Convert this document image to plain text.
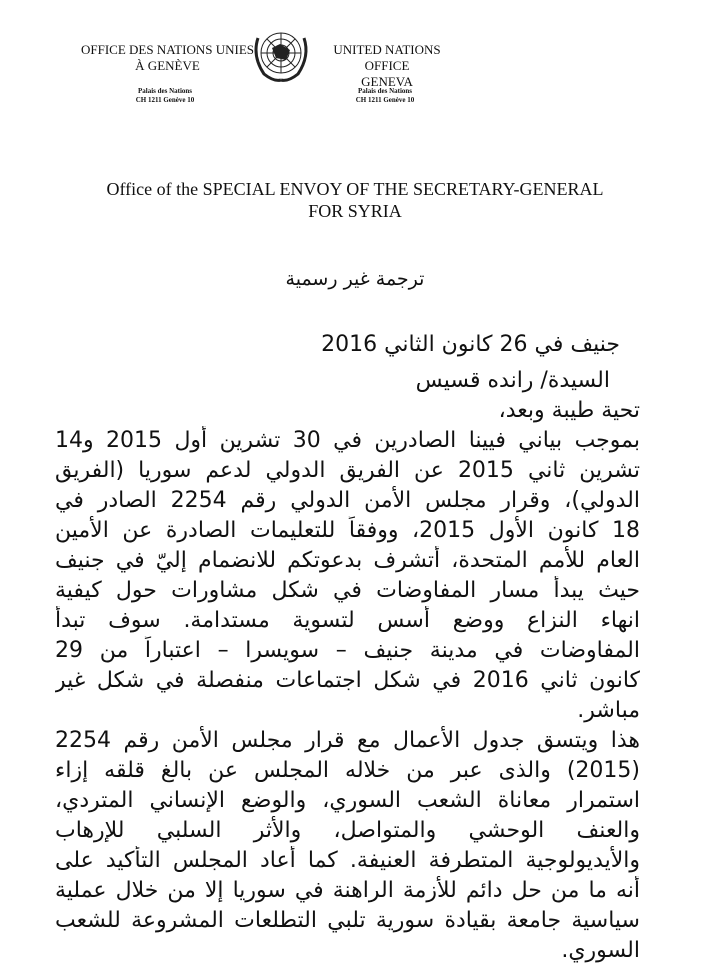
OFFICE DES NATIONS UNIES
À GENÈVE
UNITED NATIONS OFFICE
GENEVA
Palais des Nations
CH 1211 Genève 10
Palais des Nations
CH 1211 Genève 10
Office of the SPECIAL ENVOY OF THE SECRETARY-GENERAL
FOR SYRIA
ترجمة غير رسمية
جنيف في 26 كانون الثاني 2016
السيدة/ رانده قسيس
تحية طيبة وبعد،
بموجب بياني فيينا الصادرين في 30 تشرين أول 2015 و14
تشرين ثاني 2015 عن الفريق الدولي لدعم سوريا (الفريق
الدولي)، وقرار مجلس الأمن الدولي رقم 2254 الصادر في
18 كانون الأول 2015، ووفقاً للتعليمات الصادرة عن الأمين
العام للأمم المتحدة، أتشرف بدعوتكم للانضمام إليّ في جنيف
حيث يبدأ مسار المفاوضات في شكل مشاورات حول كيفية
انهاء النزاع ووضع أسس لتسوية مستدامة. سوف تبدأ
المفاوضات في مدينة جنيف – سويسرا – اعتباراً من 29
كانون ثاني 2016 في شكل اجتماعات منفصلة في شكل غير
مباشر.
هذا ويتسق جدول الأعمال مع قرار مجلس الأمن رقم 2254
(2015) والذى عبر من خلاله المجلس عن بالغ قلقه إزاء
استمرار معاناة الشعب السوري، والوضع الإنساني المتردي،
والعنف الوحشي والمتواصل، والأثر السلبي للإرهاب
والأيديولوجية المتطرفة العنيفة. كما أعاد المجلس التأكيد على
أنه ما من حل دائم للأزمة الراهنة في سوريا إلا من خلال عملية
سياسية جامعة بقيادة سورية تلبي التطلعات المشروعة للشعب
السوري.
